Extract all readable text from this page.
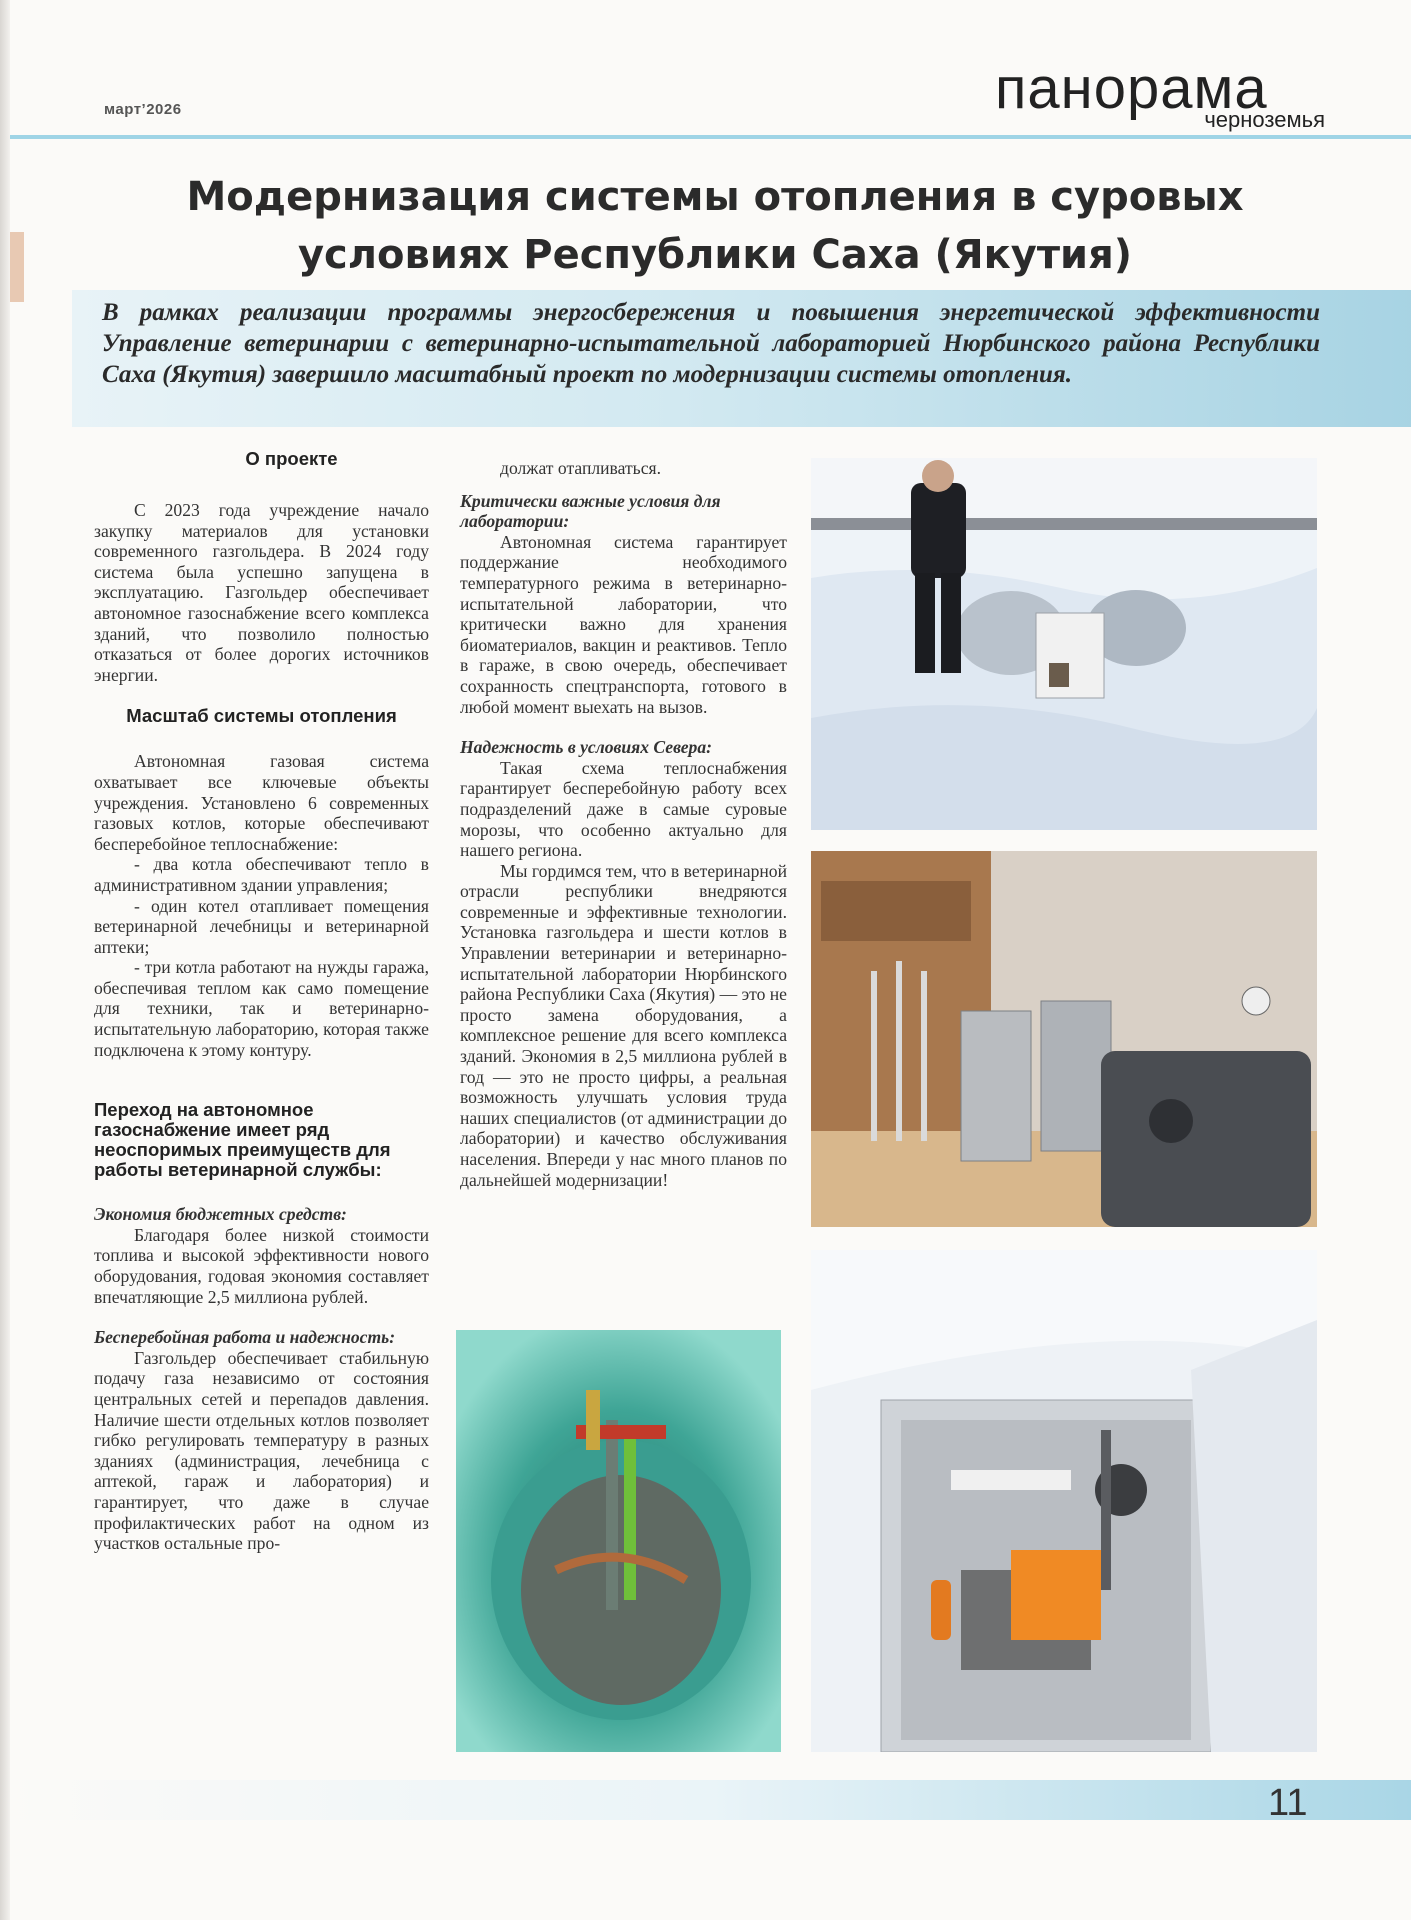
март’2026	панорама
черноземья
Модернизация системы отопления в суровых
условиях Республики Саха (Якутия)

В рамках реализации программы энергосбережения и повышения энергетической эффективности Управление ветеринарии с ветеринарно-испытательной лабораторией Нюрбинского района Республики Саха (Якутия) завершило масштабный проект по модернизации системы отопления.

О проекте

С 2023 года учреждение начало закупку материалов для установки современного газгольдера. В 2024 году система была успешно запущена в эксплуатацию. Газгольдер обеспечивает автономное газоснабжение всего комплекса зданий, что позволило полностью отказаться от более дорогих источников энергии.

Масштаб системы отопления

Автономная газовая система охватывает все ключевые объекты учреждения. Установлено 6 современных газовых котлов, которые обеспечивают бесперебойное теплоснабжение:

- два котла обеспечивают тепло в административном здании управления;

- один котел отапливает помещения ветеринарной лечебницы и ветеринарной аптеки;

- три котла работают на нужды гаража, обеспечивая теплом как само помещение для техники, так и ветеринарно-испытательную лабораторию, которая также подключена к этому контуру.

Переход на автономное газоснабжение имеет ряд неоспоримых преимуществ для работы ветеринарной службы:

Экономия бюджетных средств:

Благодаря более низкой стоимости топлива и высокой эффективности нового оборудования, годовая экономия составляет впечатляющие 2,5 миллиона рублей.

Бесперебойная работа и надежность:

Газгольдер обеспечивает стабильную подачу газа независимо от состояния центральных сетей и перепадов давления. Наличие шести отдельных котлов позволяет гибко регулировать температуру в разных зданиях (администрация, лечебница с аптекой, гараж и лаборатория) и гарантирует, что даже в случае профилактических работ на одном из участков остальные про-

должат отапливаться.

Критически важные условия для лаборатории:

Автономная система гарантирует поддержание необходимого температурного режима в ветеринарно-испытательной лаборатории, что критически важно для хранения биоматериалов, вакцин и реактивов. Тепло в гараже, в свою очередь, обеспечивает сохранность спецтранспорта, готового в любой момент выехать на вызов.

Надежность в условиях Севера:

Такая схема теплоснабжения гарантирует бесперебойную работу всех подразделений даже в самые суровые морозы, что особенно актуально для нашего региона.

Мы гордимся тем, что в ветеринарной отрасли республики внедряются современные и эффективные технологии. Установка газгольдера и шести котлов в Управлении ветеринарии и ветеринарно-испытательной лаборатории Нюрбинского района Республики Саха (Якутия) — это не просто замена оборудования, а комплексное решение для всего комплекса зданий. Экономия в 2,5 миллиона рублей в год — это не просто цифры, а реальная возможность улучшать условия труда наших специалистов (от администрации до лаборатории) и качество обслуживания населения. Впереди у нас много планов по дальнейшей модернизации!

11
